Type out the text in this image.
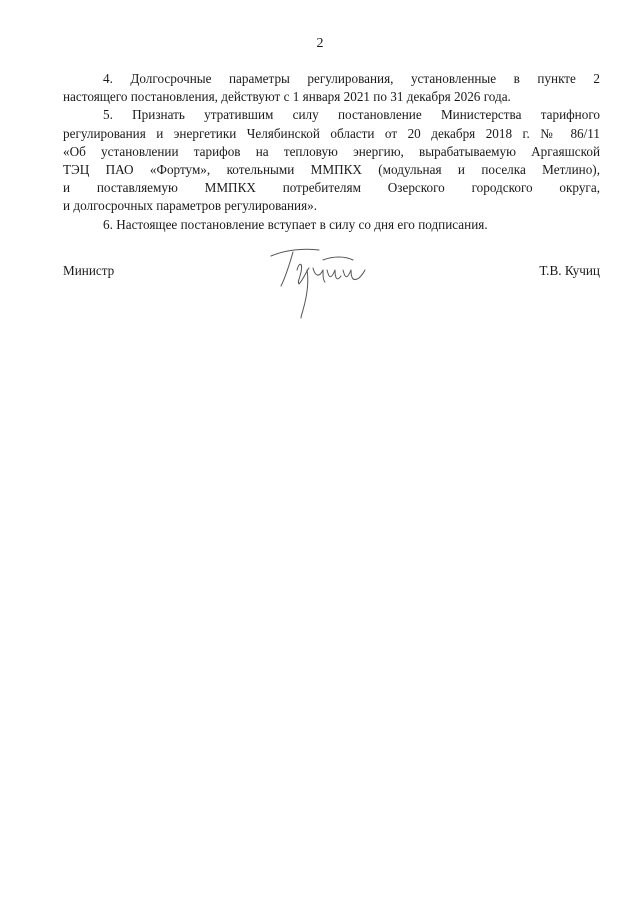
2

4. Долгосрочные параметры регулирования, установленные в пункте 2
настоящего постановления, действуют с 1 января 2021 по 31 декабря 2026 года.

5. Признать утратившим силу постановление Министерства тарифного
регулирования и энергетики Челябинской области от 20 декабря 2018 г. № 86/11
«Об установлении тарифов на тепловую энергию, вырабатываемую Аргаяшской
ТЭЦ ПАО «Фортум», котельными ММПКХ (модульная и поселка Метлино),
и поставляемую ММПКХ потребителям Озерского городского округа,
и долгосрочных параметров регулирования».

6. Настоящее постановление вступает в силу со дня его подписания.

Министр	Т.В. Кучиц
